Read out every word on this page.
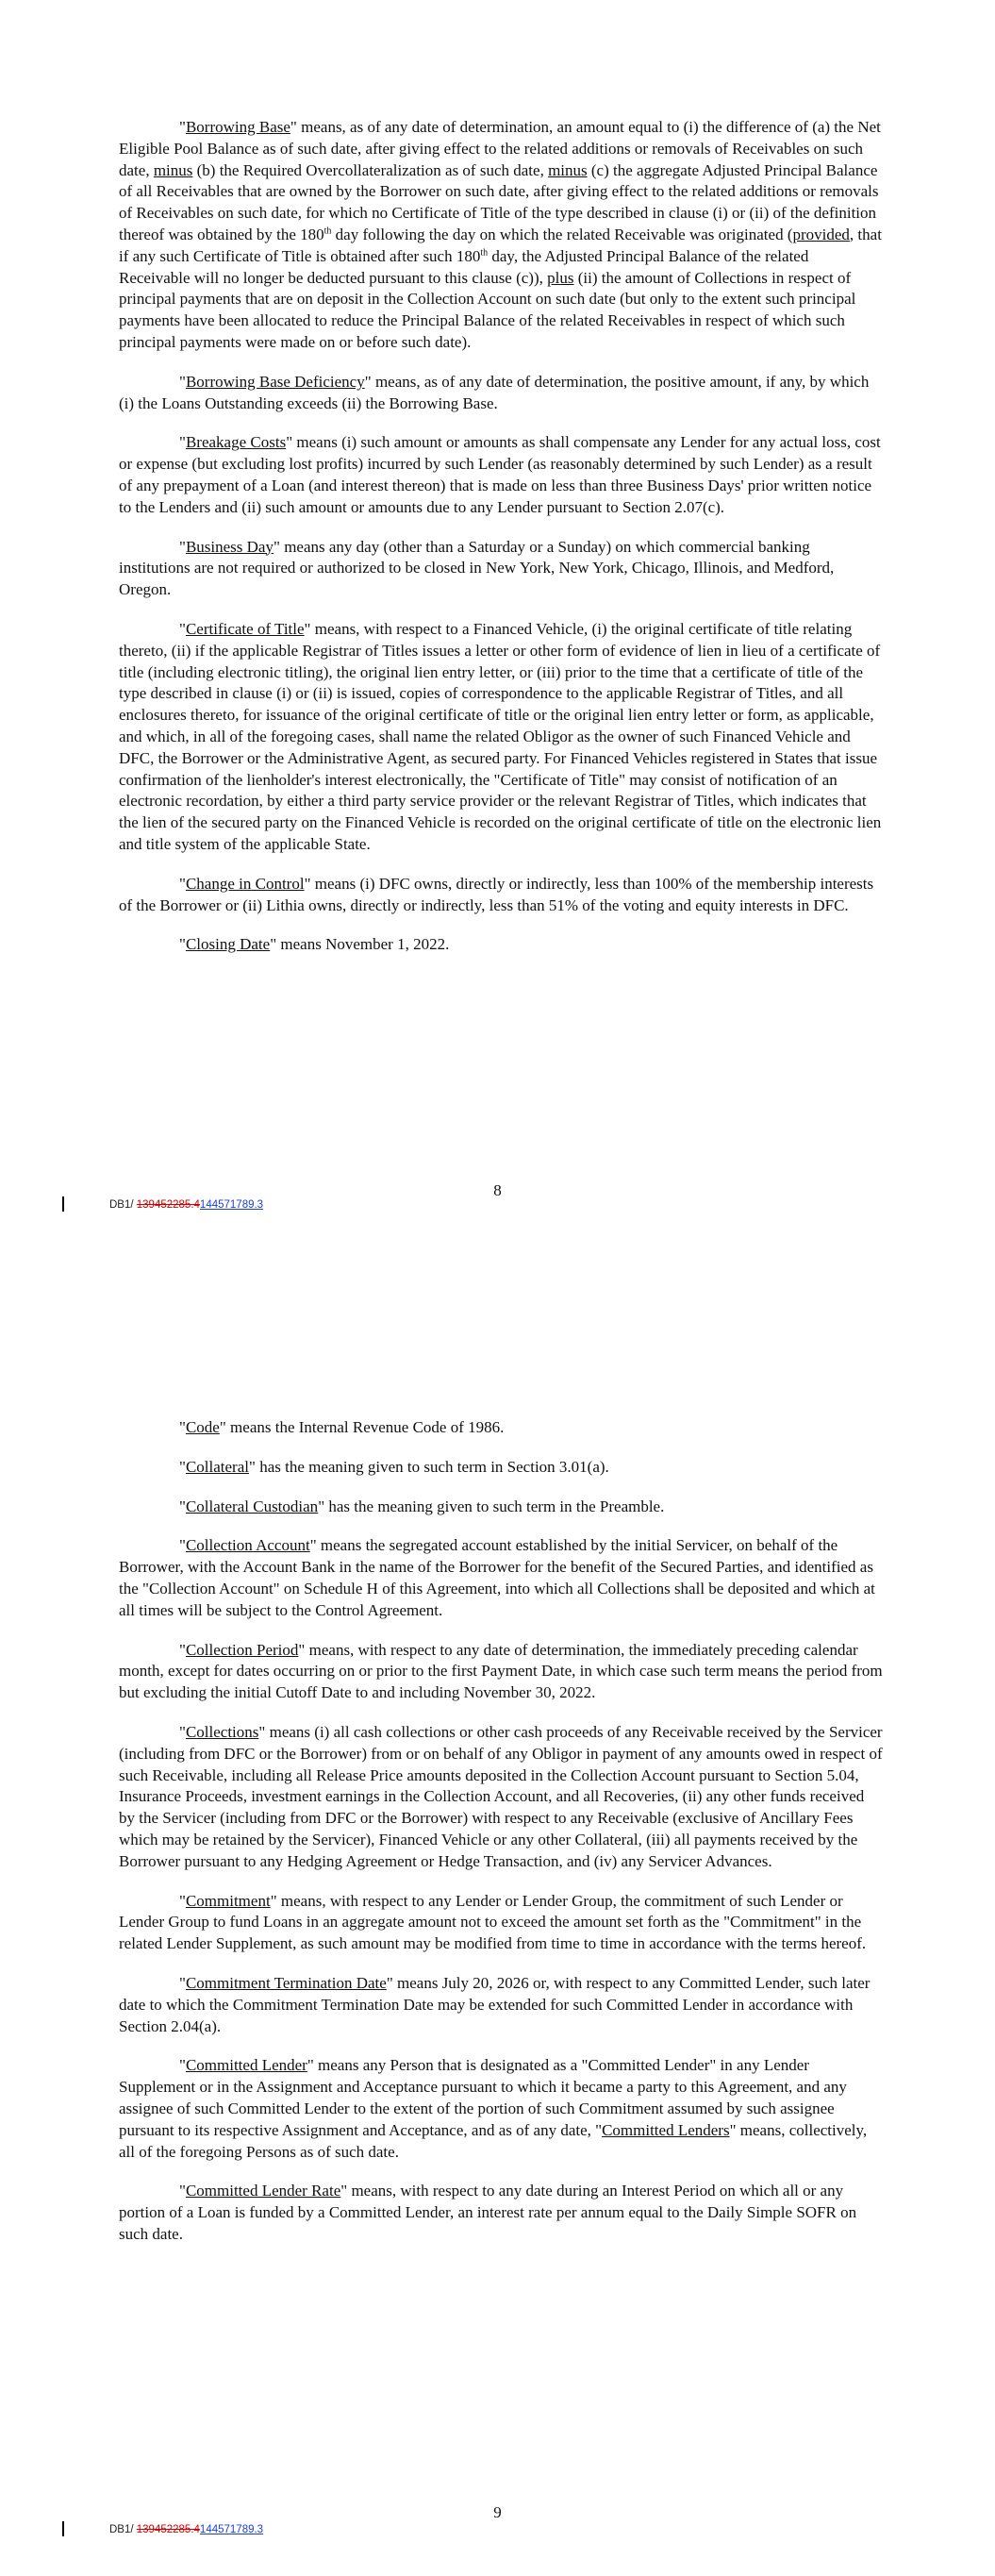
"Borrowing Base" means, as of any date of determination, an amount equal to (i) the difference of (a) the Net Eligible Pool Balance as of such date, after giving effect to the related additions or removals of Receivables on such date, minus (b) the Required Overcollateralization as of such date, minus (c) the aggregate Adjusted Principal Balance of all Receivables that are owned by the Borrower on such date, after giving effect to the related additions or removals of Receivables on such date, for which no Certificate of Title of the type described in clause (i) or (ii) of the definition thereof was obtained by the 180th day following the day on which the related Receivable was originated (provided, that if any such Certificate of Title is obtained after such 180th day, the Adjusted Principal Balance of the related Receivable will no longer be deducted pursuant to this clause (c)), plus (ii) the amount of Collections in respect of principal payments that are on deposit in the Collection Account on such date (but only to the extent such principal payments have been allocated to reduce the Principal Balance of the related Receivables in respect of which such principal payments were made on or before such date).

"Borrowing Base Deficiency" means, as of any date of determination, the positive amount, if any, by which (i) the Loans Outstanding exceeds (ii) the Borrowing Base.

"Breakage Costs" means (i) such amount or amounts as shall compensate any Lender for any actual loss, cost or expense (but excluding lost profits) incurred by such Lender (as reasonably determined by such Lender) as a result of any prepayment of a Loan (and interest thereon) that is made on less than three Business Days' prior written notice to the Lenders and (ii) such amount or amounts due to any Lender pursuant to Section 2.07(c).

"Business Day" means any day (other than a Saturday or a Sunday) on which commercial banking institutions are not required or authorized to be closed in New York, New York, Chicago, Illinois, and Medford, Oregon.

"Certificate of Title" means, with respect to a Financed Vehicle, (i) the original certificate of title relating thereto, (ii) if the applicable Registrar of Titles issues a letter or other form of evidence of lien in lieu of a certificate of title (including electronic titling), the original lien entry letter, or (iii) prior to the time that a certificate of title of the type described in clause (i) or (ii) is issued, copies of correspondence to the applicable Registrar of Titles, and all enclosures thereto, for issuance of the original certificate of title or the original lien entry letter or form, as applicable, and which, in all of the foregoing cases, shall name the related Obligor as the owner of such Financed Vehicle and DFC, the Borrower or the Administrative Agent, as secured party. For Financed Vehicles registered in States that issue confirmation of the lienholder's interest electronically, the "Certificate of Title" may consist of notification of an electronic recordation, by either a third party service provider or the relevant Registrar of Titles, which indicates that the lien of the secured party on the Financed Vehicle is recorded on the original certificate of title on the electronic lien and title system of the applicable State.

"Change in Control" means (i) DFC owns, directly or indirectly, less than 100% of the membership interests of the Borrower or (ii) Lithia owns, directly or indirectly, less than 51% of the voting and equity interests in DFC.

"Closing Date" means November 1, 2022.

8
DB1/ 139452285.4144571789.3

"Code" means the Internal Revenue Code of 1986.

"Collateral" has the meaning given to such term in Section 3.01(a).

"Collateral Custodian" has the meaning given to such term in the Preamble.

"Collection Account" means the segregated account established by the initial Servicer, on behalf of the Borrower, with the Account Bank in the name of the Borrower for the benefit of the Secured Parties, and identified as the "Collection Account" on Schedule H of this Agreement, into which all Collections shall be deposited and which at all times will be subject to the Control Agreement.

"Collection Period" means, with respect to any date of determination, the immediately preceding calendar month, except for dates occurring on or prior to the first Payment Date, in which case such term means the period from but excluding the initial Cutoff Date to and including November 30, 2022.

"Collections" means (i) all cash collections or other cash proceeds of any Receivable received by the Servicer (including from DFC or the Borrower) from or on behalf of any Obligor in payment of any amounts owed in respect of such Receivable, including all Release Price amounts deposited in the Collection Account pursuant to Section 5.04, Insurance Proceeds, investment earnings in the Collection Account, and all Recoveries, (ii) any other funds received by the Servicer (including from DFC or the Borrower) with respect to any Receivable (exclusive of Ancillary Fees which may be retained by the Servicer), Financed Vehicle or any other Collateral, (iii) all payments received by the Borrower pursuant to any Hedging Agreement or Hedge Transaction, and (iv) any Servicer Advances.

"Commitment" means, with respect to any Lender or Lender Group, the commitment of such Lender or Lender Group to fund Loans in an aggregate amount not to exceed the amount set forth as the "Commitment" in the related Lender Supplement, as such amount may be modified from time to time in accordance with the terms hereof.

"Commitment Termination Date" means July 20, 2026 or, with respect to any Committed Lender, such later date to which the Commitment Termination Date may be extended for such Committed Lender in accordance with Section 2.04(a).

"Committed Lender" means any Person that is designated as a "Committed Lender" in any Lender Supplement or in the Assignment and Acceptance pursuant to which it became a party to this Agreement, and any assignee of such Committed Lender to the extent of the portion of such Commitment assumed by such assignee pursuant to its respective Assignment and Acceptance, and as of any date, "Committed Lenders" means, collectively, all of the foregoing Persons as of such date.

"Committed Lender Rate" means, with respect to any date during an Interest Period on which all or any portion of a Loan is funded by a Committed Lender, an interest rate per annum equal to the Daily Simple SOFR on such date.

9
DB1/ 139452285.4144571789.3
